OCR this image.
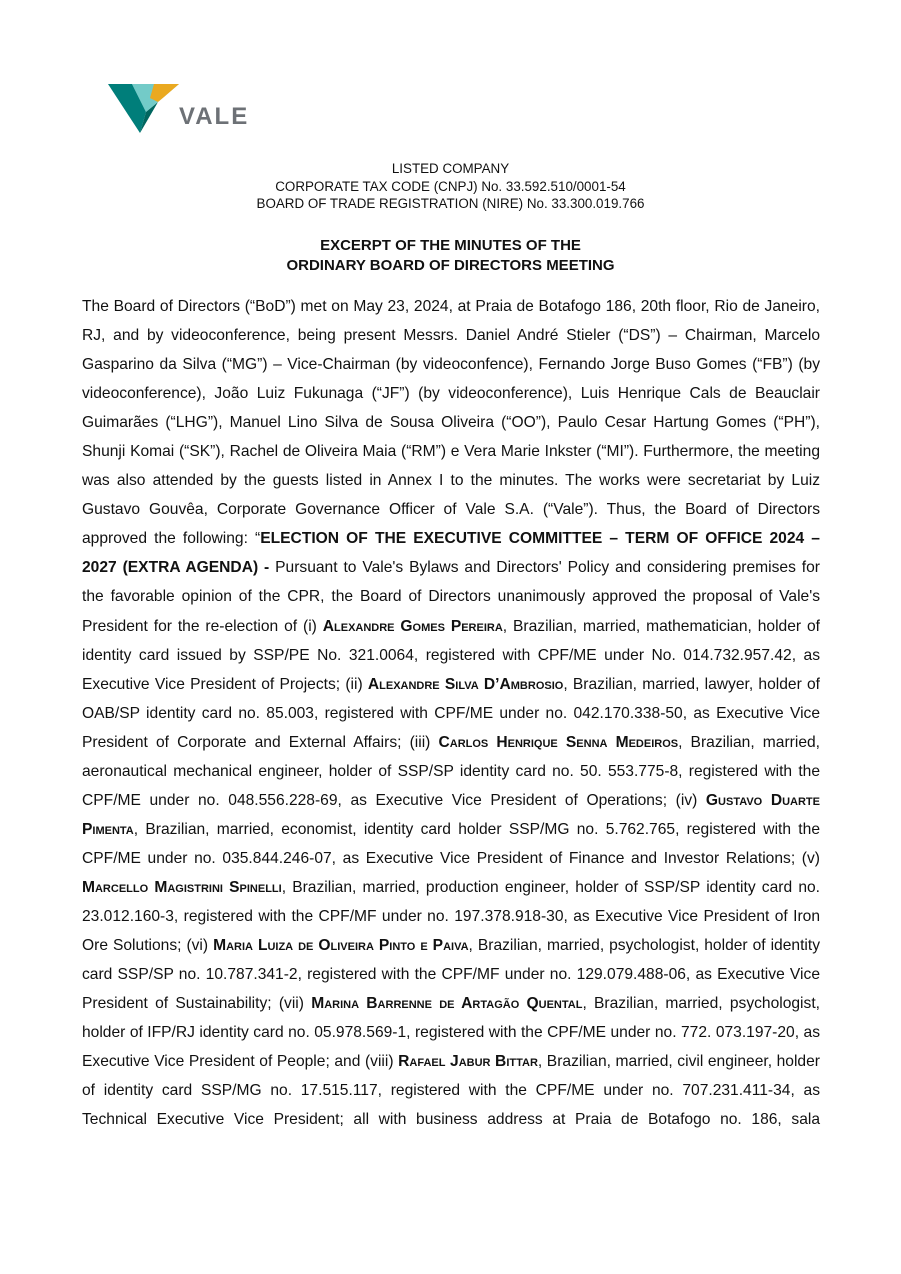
VALE
LISTED COMPANY
CORPORATE TAX CODE (CNPJ) No. 33.592.510/0001-54
BOARD OF TRADE REGISTRATION (NIRE) No. 33.300.019.766
EXCERPT OF THE MINUTES OF THE
ORDINARY BOARD OF DIRECTORS MEETING

The Board of Directors (“BoD”) met on May 23, 2024, at Praia de Botafogo 186, 20th floor, Rio de Janeiro, RJ, and by videoconference, being present Messrs. Daniel André Stieler (“DS”) – Chairman, Marcelo Gasparino da Silva (“MG”) – Vice-Chairman (by videoconfence), Fernando Jorge Buso Gomes (“FB”) (by videoconference), João Luiz Fukunaga (“JF”) (by videoconference), Luis Henrique Cals de Beauclair Guimarães (“LHG”), Manuel Lino Silva de Sousa Oliveira (“OO”), Paulo Cesar Hartung Gomes (“PH”), Shunji Komai (“SK”), Rachel de Oliveira Maia (“RM”) e Vera Marie Inkster (“MI”). Furthermore, the meeting was also attended by the guests listed in Annex I to the minutes. The works were secretariat by Luiz Gustavo Gouvêa, Corporate Governance Officer of Vale S.A. (“Vale”). Thus, the Board of Directors approved the following: “ELECTION OF THE EXECUTIVE COMMITTEE – TERM OF OFFICE 2024 – 2027 (EXTRA AGENDA) - Pursuant to Vale's Bylaws and Directors' Policy and considering premises for the favorable opinion of the CPR, the Board of Directors unanimously approved the proposal of Vale's President for the re-election of (i) Alexandre Gomes Pereira, Brazilian, married, mathematician, holder of identity card issued by SSP/PE No. 321.0064, registered with CPF/ME under No. 014.732.957.42, as Executive Vice President of Projects; (ii) Alexandre Silva D’Ambrosio, Brazilian, married, lawyer, holder of OAB/SP identity card no. 85.003, registered with CPF/ME under no. 042.170.338-50, as Executive Vice President of Corporate and External Affairs; (iii) Carlos Henrique Senna Medeiros, Brazilian, married, aeronautical mechanical engineer, holder of SSP/SP identity card no. 50. 553.775-8, registered with the CPF/ME under no. 048.556.228-69, as Executive Vice President of Operations; (iv) Gustavo Duarte Pimenta, Brazilian, married, economist, identity card holder SSP/MG no. 5.762.765, registered with the CPF/ME under no. 035.844.246-07, as Executive Vice President of Finance and Investor Relations; (v) Marcello Magistrini Spinelli, Brazilian, married, production engineer, holder of SSP/SP identity card no. 23.012.160-3, registered with the CPF/MF under no. 197.378.918-30, as Executive Vice President of Iron Ore Solutions; (vi) Maria Luiza de Oliveira Pinto e Paiva, Brazilian, married, psychologist, holder of identity card SSP/SP no. 10.787.341-2, registered with the CPF/MF under no. 129.079.488-06, as Executive Vice President of Sustainability; (vii) Marina Barrenne de Artagão Quental, Brazilian, married, psychologist, holder of IFP/RJ identity card no. 05.978.569-1, registered with the CPF/ME under no. 772. 073.197-20, as Executive Vice President of People; and (viii) Rafael Jabur Bittar, Brazilian, married, civil engineer, holder of identity card SSP/MG no. 17.515.117, registered with the CPF/ME under no. 707.231.411-34, as Technical Executive Vice President; all with business address at Praia de Botafogo no. 186, sala
